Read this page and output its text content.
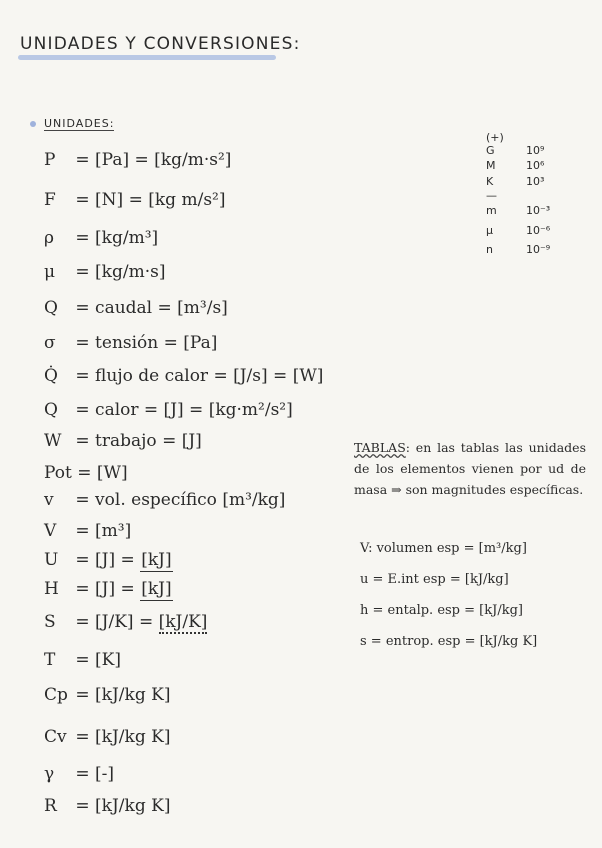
UNIDADES Y CONVERSIONES:
UNIDADES:
P = [Pa] = [kg/m·s²]
F = [N] = [kg m/s²]
ρ = [kg/m³]
μ = [kg/m·s]
Q = caudal = [m³/s]
σ = tensión = [Pa]
Q̇ = flujo de calor = [J/s] = [W]
Q = calor = [J] = [kg·m²/s²]
W = trabajo = [J]
Pot = [W]
v = vol. específico [m³/kg]
V = [m³]
U = [J] = [kJ]
H = [J] = [kJ]
S = [J/K] = [kJ/K]
T = [K]
Cp = [kJ/kg K]
Cv = [kJ/kg K]
γ = [-]
R = [kJ/kg K]
(+)
G	10⁹
M	10⁶
K	10³
—
m	10⁻³
μ	10⁻⁶
n	10⁻⁹
TABLAS: en las tablas las unidades de los elementos vienen por ud de masa ⇒ son magnitudes específicas.
V: volumen esp = [m³/kg]
u = E.int esp = [kJ/kg]
h = entalp. esp = [kJ/kg]
s = entrop. esp = [kJ/kg K]
